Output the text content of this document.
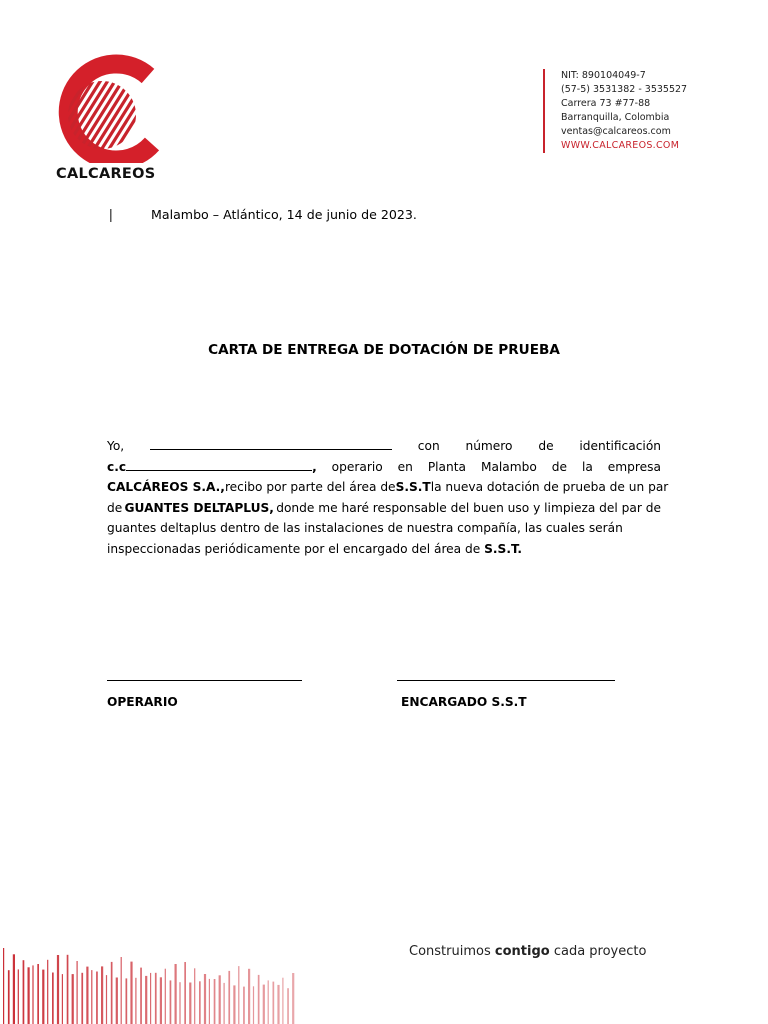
CALCAREOS
NIT: 890104049-7
(57-5) 3531382 - 3535527
Carrera 73 #77-88
Barranquilla, Colombia
ventas@calcareos.com
WWW.CALCAREOS.COM
|	Malambo – Atlántico, 14 de junio de 2023.
CARTA DE ENTREGA DE DOTACIÓN DE PRUEBA
Yo,	con número de identificación
c.c	, operario en Planta Malambo de la empresa
CALCÁREOS S.A., recibo por parte del área de S.S.T la nueva dotación de prueba de un par
de GUANTES DELTAPLUS, donde me haré responsable del buen uso y limpieza del par de
guantes deltaplus dentro de las instalaciones de nuestra compañía, las cuales serán
inspeccionadas periódicamente por el encargado del área de
S.S.T.
OPERARIO	ENCARGADO S.S.T
Construimos contigo cada proyecto
